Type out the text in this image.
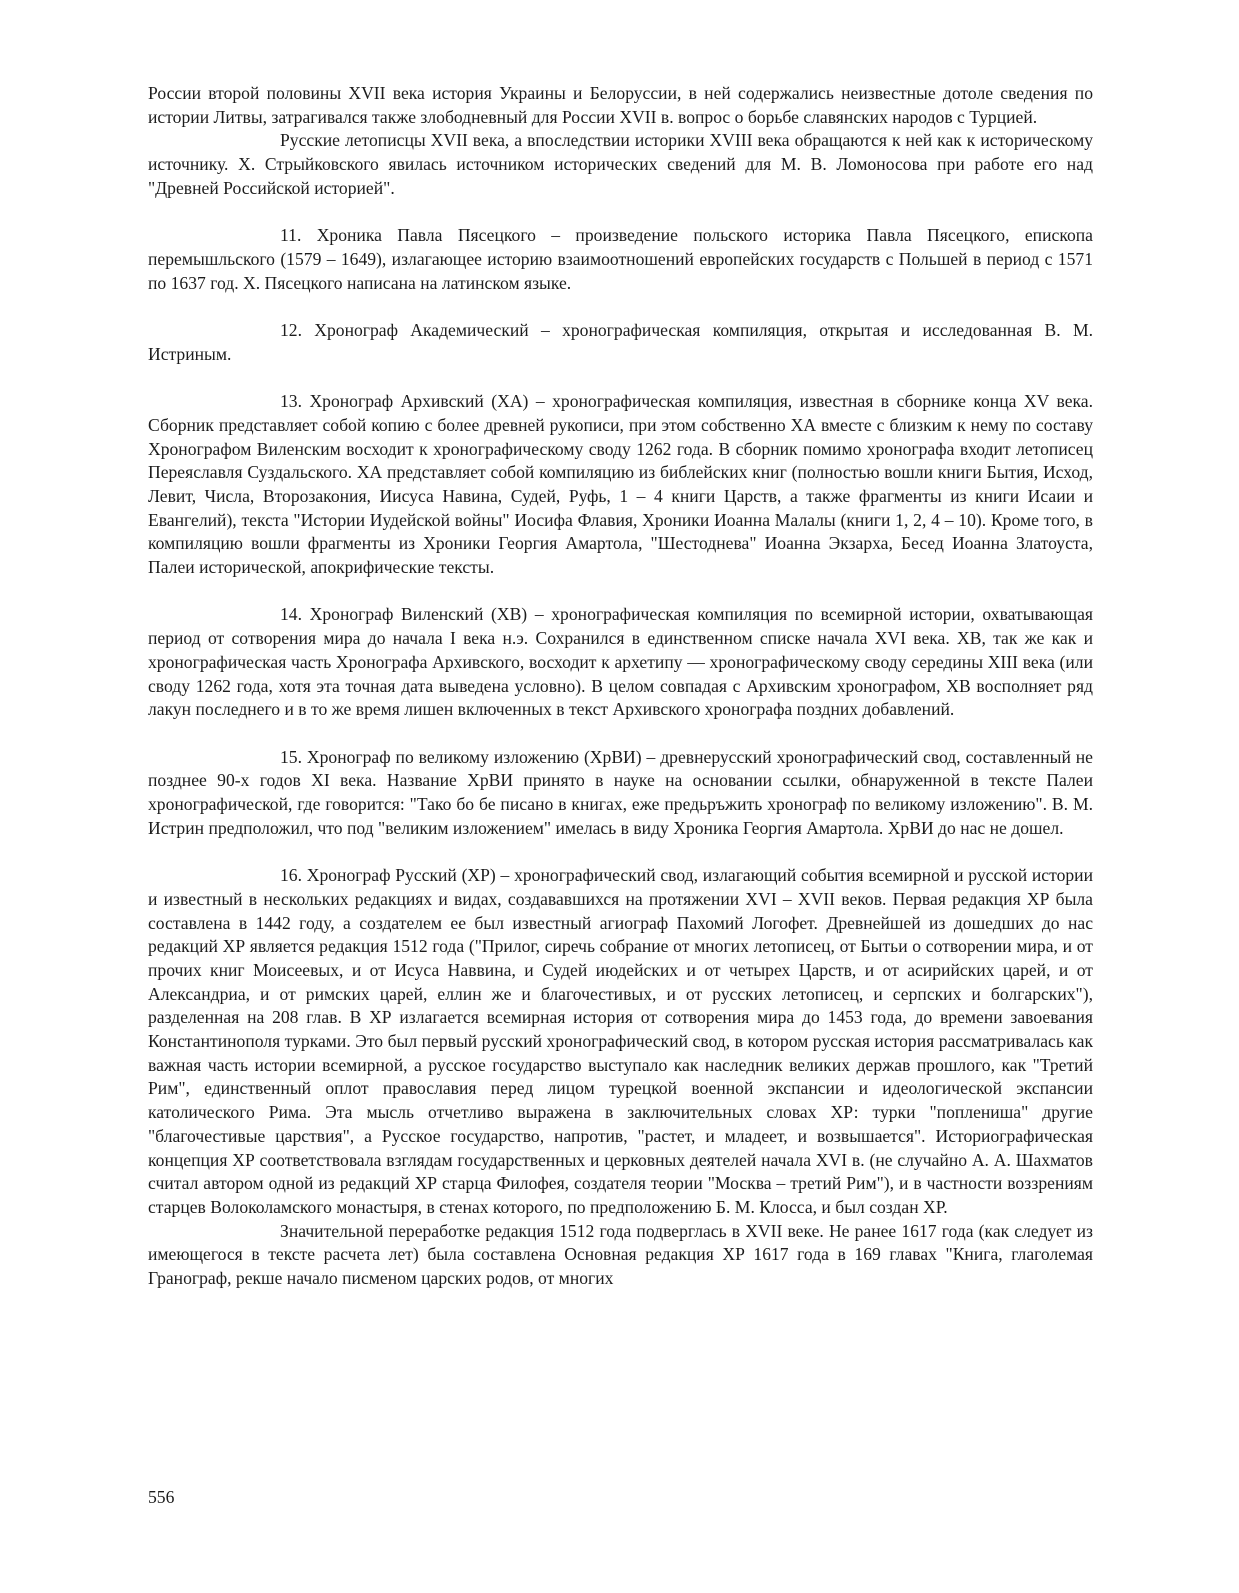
России второй половины XVII века история Украины и Белоруссии, в ней содержались неизвестные дотоле сведения по истории Литвы, затрагивался также злободневный для России XVII в. вопрос о борьбе славянских народов с Турцией.

Русские летописцы XVII века, а впоследствии историки XVIII века обращаются к ней как к историческому источнику. Х. Стрыйковского явилась источником исторических сведений для М. В. Ломоносова при работе его над "Древней Российской историей".

11. Хроника Павла Пясецкого – произведение польского историка Павла Пясецкого, епископа перемышльского (1579 – 1649), излагающее историю взаимоотношений европейских государств с Польшей в период с 1571 по 1637 год. Х. Пясецкого написана на латинском языке.

12. Хронограф Академический – хронографическая компиляция, открытая и исследованная В. М. Истриным.

13. Хронограф Архивский (ХА) – хронографическая компиляция, известная в сборнике конца XV века. Сборник представляет собой копию с более древней рукописи, при этом собственно ХА вместе с близким к нему по составу Хронографом Виленским восходит к хронографическому своду 1262 года. В сборник помимо хронографа входит летописец Переяславля Суздальского. ХА представляет собой компиляцию из библейских книг (полностью вошли книги Бытия, Исход, Левит, Числа, Второзакония, Иисуса Навина, Судей, Руфь, 1 – 4 книги Царств, а также фрагменты из книги Исаии и Евангелий), текста "Истории Иудейской войны" Иосифа Флавия, Хроники Иоанна Малалы (книги 1, 2, 4 – 10). Кроме того, в компиляцию вошли фрагменты из Хроники Георгия Амартола, "Шестоднева" Иоанна Экзарха, Бесед Иоанна Златоуста, Палеи исторической, апокрифические тексты.

14. Хронограф Виленский (ХВ) – хронографическая компиляция по всемирной истории, охватывающая период от сотворения мира до начала I века н.э. Сохранился в единственном списке начала XVI века. ХВ, так же как и хронографическая часть Хронографа Архивского, восходит к архетипу — хронографическому своду середины XIII века (или своду 1262 года, хотя эта точная дата выведена условно). В целом совпадая с Архивским хронографом, ХВ восполняет ряд лакун последнего и в то же время лишен включенных в текст Архивского хронографа поздних добавлений.

15. Хронограф по великому изложению (ХрВИ) – древнерусский хронографический свод, составленный не позднее 90-х годов XI века. Название ХрВИ принято в науке на основании ссылки, обнаруженной в тексте Палеи хронографической, где говорится: "Тако бо бе писано в книгах, еже предьръжить хронограф по великому изложению". В. М. Истрин предположил, что под "великим изложением" имелась в виду Хроника Георгия Амартола. ХрВИ до нас не дошел.

16. Хронограф Русский (ХР) – хронографический свод, излагающий события всемирной и русской истории и известный в нескольких редакциях и видах, создававшихся на протяжении XVI – XVII веков. Первая редакция ХР была составлена в 1442 году, а создателем ее был известный агиограф Пахомий Логофет. Древнейшей из дошедших до нас редакций ХР является редакция 1512 года ("Прилог, сиречь собрание от многих летописец, от Бытьи о сотворении мира, и от прочих книг Моисеевых, и от Исуса Наввина, и Судей июдейских и от четырех Царств, и от асирийских царей, и от Александриа, и от римских царей, еллин же и благочестивых, и от русских летописец, и серпских и болгарских"), разделенная на 208 глав. В ХР излагается всемирная история от сотворения мира до 1453 года, до времени завоевания Константинополя турками. Это был первый русский хронографический свод, в котором русская история рассматривалась как важная часть истории всемирной, а русское государство выступало как наследник великих держав прошлого, как "Третий Рим", единственный оплот православия перед лицом турецкой военной экспансии и идеологической экспансии католического Рима. Эта мысль отчетливо выражена в заключительных словах ХР: турки "поплениша" другие "благочестивые царствия", а Русское государство, напротив, "растет, и младеет, и возвышается". Историографическая концепция ХР соответствовала взглядам государственных и церковных деятелей начала XVI в. (не случайно А. А. Шахматов считал автором одной из редакций ХР старца Филофея, создателя теории "Москва – третий Рим"), и в частности воззрениям старцев Волоколамского монастыря, в стенах которого, по предположению Б. М. Клосса, и был создан ХР.

Значительной переработке редакция 1512 года подверглась в XVII веке. Не ранее 1617 года (как следует из имеющегося в тексте расчета лет) была составлена Основная редакция ХР 1617 года в 169 главах "Книга, глаголемая Гранограф, рекше начало писменом царских родов, от многих

556
